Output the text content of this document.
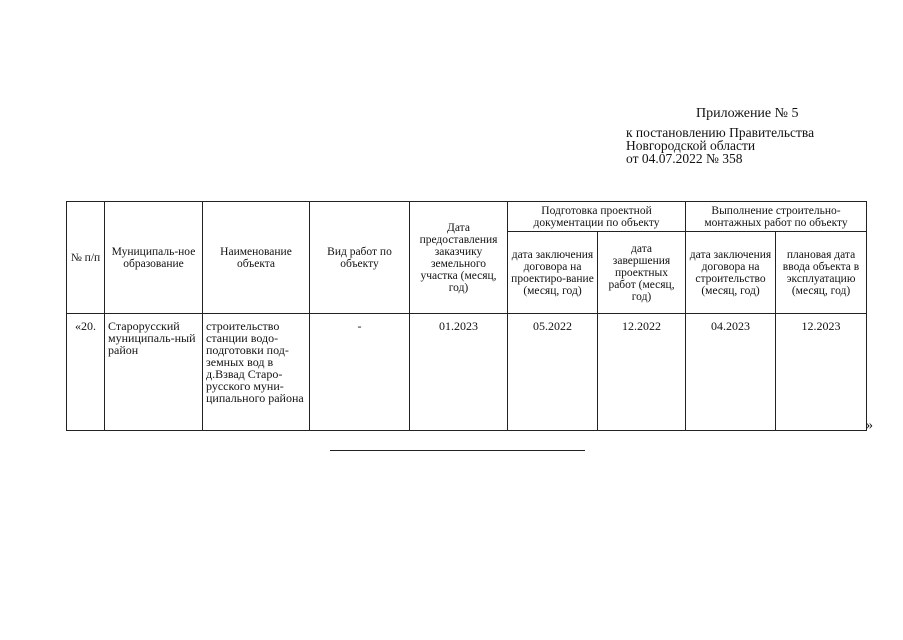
Приложение № 5
к постановлению Правительства
Новгородской области
от 04.07.2022 № 358
№ п/п	Муниципаль-ное образование	Наименование объекта	Вид работ по объекту	Дата предоставления заказчику земельного участка (месяц, год)	Подготовка проектной документации по объекту		Выполнение строительно-монтажных работ по объекту	
					дата заключения договора на проектиро-вание (месяц, год)	дата завершения проектных работ (месяц, год)	дата заключения договора на строительство (месяц, год)	плановая дата ввода объекта в эксплуатацию (месяц, год)
«20.	Старорусский муниципаль-ный район	строительство станции водо-подготовки под-земных вод в д.Взвад Старо-русского муни-ципального района	-	01.2023	05.2022	12.2022	04.2023	12.2023
»
